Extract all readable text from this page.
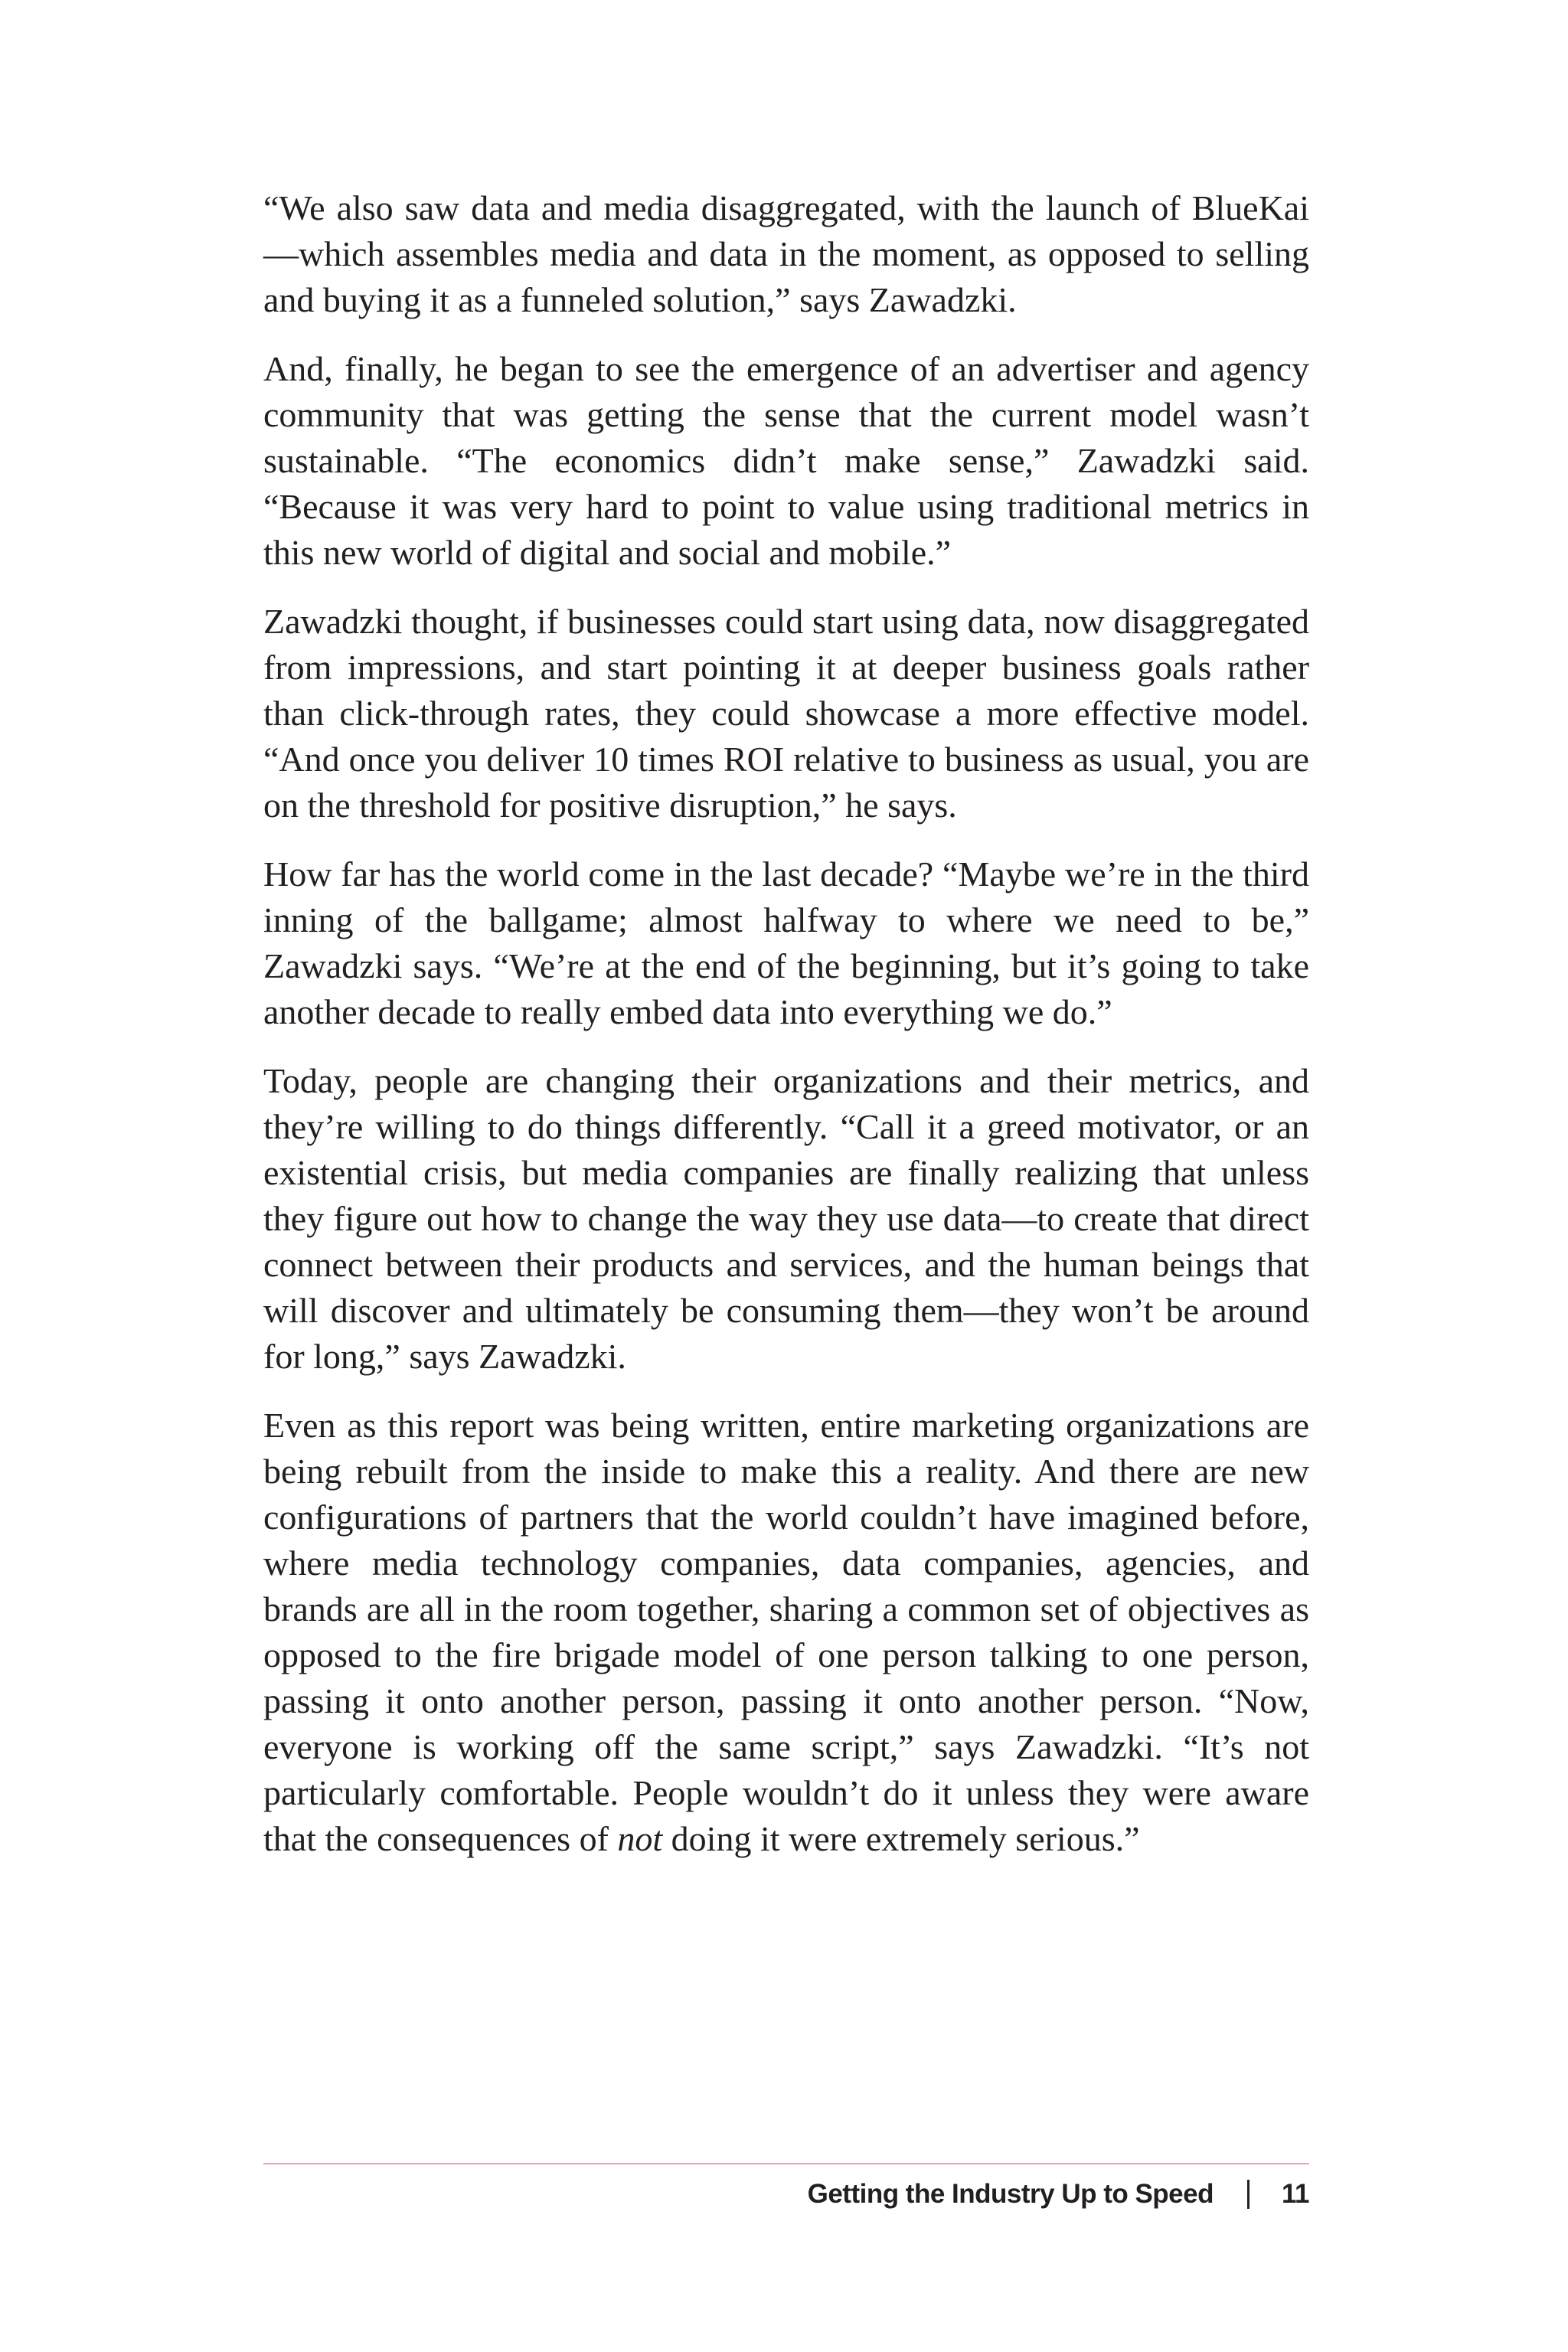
“We also saw data and media disaggregated, with the launch of BlueKai—which assembles media and data in the moment, as opposed to selling and buying it as a funneled solution,” says Zawadzki.

And, finally, he began to see the emergence of an advertiser and agency community that was getting the sense that the current model wasn’t sustainable. “The economics didn’t make sense,” Zawadzki said. “Because it was very hard to point to value using traditional metrics in this new world of digital and social and mobile.”

Zawadzki thought, if businesses could start using data, now disaggregated from impressions, and start pointing it at deeper business goals rather than click-through rates, they could showcase a more effective model. “And once you deliver 10 times ROI relative to business as usual, you are on the threshold for positive disruption,” he says.

How far has the world come in the last decade? “Maybe we’re in the third inning of the ballgame; almost halfway to where we need to be,” Zawadzki says. “We’re at the end of the beginning, but it’s going to take another decade to really embed data into everything we do.”

Today, people are changing their organizations and their metrics, and they’re willing to do things differently. “Call it a greed motivator, or an existential crisis, but media companies are finally realizing that unless they figure out how to change the way they use data—to create that direct connect between their products and services, and the human beings that will discover and ultimately be consuming them—they won’t be around for long,” says Zawadzki.

Even as this report was being written, entire marketing organizations are being rebuilt from the inside to make this a reality. And there are new configurations of partners that the world couldn’t have imagined before, where media technology companies, data companies, agencies, and brands are all in the room together, sharing a common set of objectives as opposed to the fire brigade model of one person talking to one person, passing it onto another person, passing it onto another person. “Now, everyone is working off the same script,” says Zawadzki. “It’s not particularly comfortable. People wouldn’t do it unless they were aware that the consequences of not doing it were extremely serious.”

Getting the Industry Up to Speed	11
